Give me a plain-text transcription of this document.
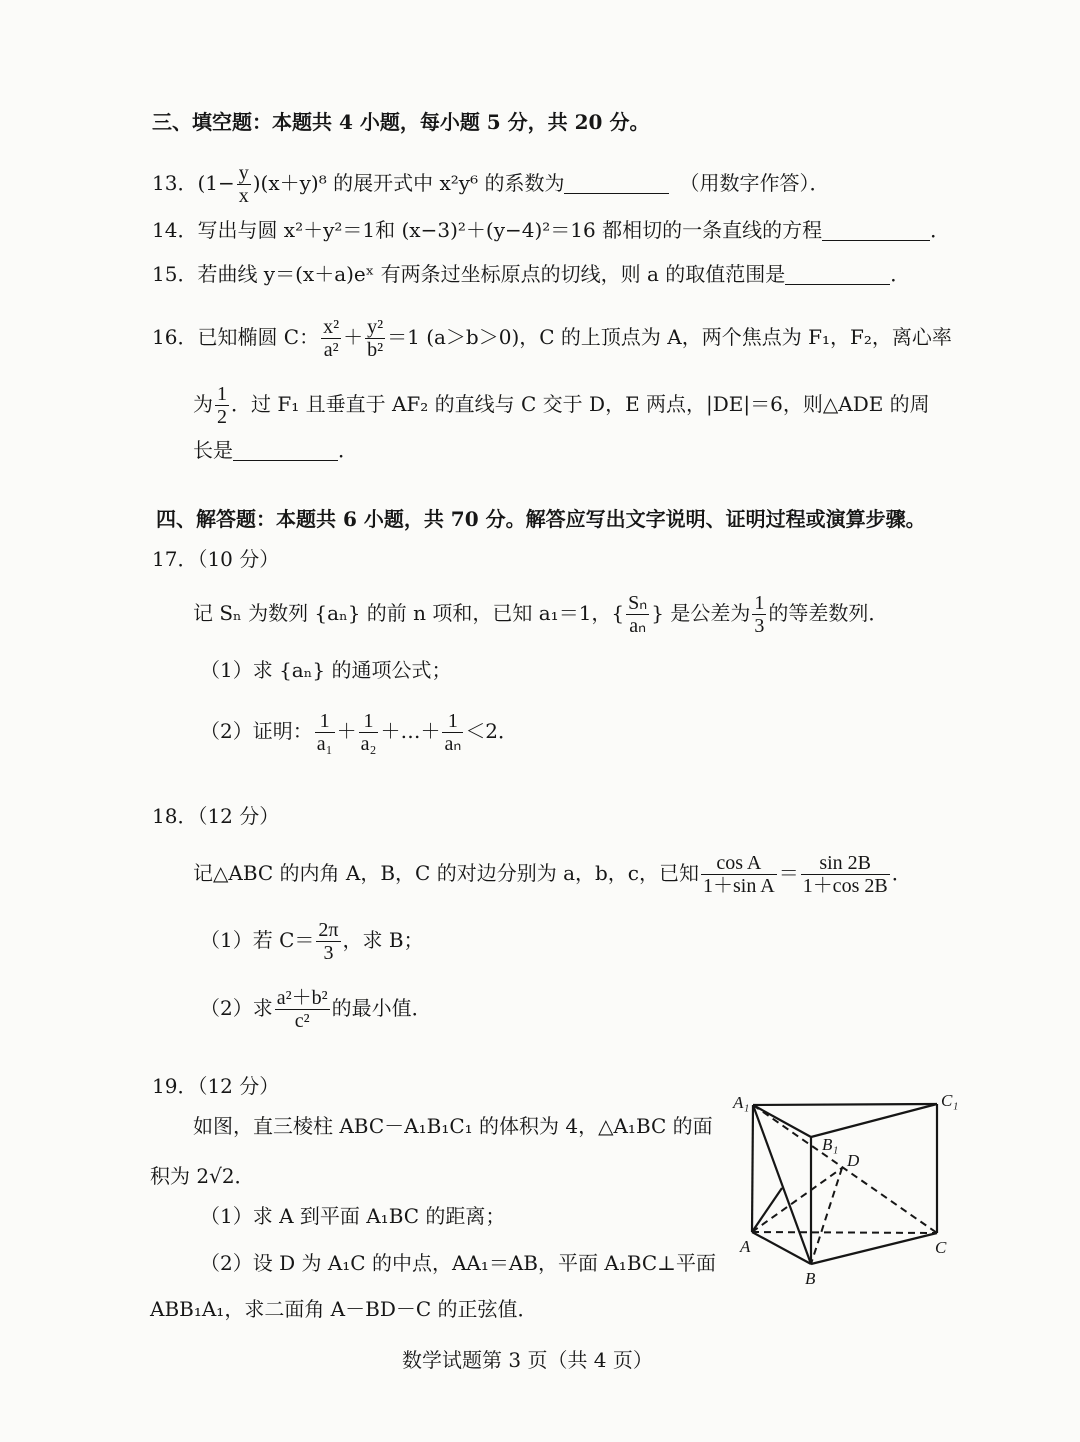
三、填空题：本题共 4 小题，每小题 5 分，共 20 分。
13．$(1- \frac{y}{x} )(x+y)^8$ 的展开式中 x²y⁶ 的系数为	（用数字作答）．
14．写出与圆 x²＋y²＝1和 (x−3)²＋(y−4)²＝16 都相切的一条直线的方程	．
15．若曲线 y＝(x＋a)eˣ 有两条过坐标原点的切线，则 a 的取值范围是	．
16．已知椭圆 C： $\frac{\text{x²}}{\text{a²}} + \frac{\text{y²}}{\text{b²}} =1$ (a＞b＞0)，C 的上顶点为 A，两个焦点为 F₁，F₂，离心率
为 $\frac{1}{2}$ ．过 F₁ 且垂直于 AF₂ 的直线与 C 交于 D，E 两点，|DE|＝6，则△ADE 的周
长是	．
四、解答题：本题共 6 小题，共 70 分。解答应写出文字说明、证明过程或演算步骤。
17．（10 分）
记 Sₙ 为数列 {aₙ} 的前 n 项和，已知 a₁＝1，{ $\frac{\text{Sₙ}}{\text{aₙ}}$ } 是公差为 $\frac{1}{3}$ 的等差数列．
（1）求 {aₙ} 的通项公式；
（2）证明： $\frac{1}{\text{a₁}} + \frac{1}{\text{a₂}}$ ＋…＋ $\frac{1}{\text{aₙ}} <2$．
18．（12 分）
记△ABC 的内角 A，B，C 的对边分别为 a，b，c，已知 $\frac{\text{cos A}}{\text{1＋sin A}} = \frac{\sin 2B}{1+\cos 2B}$ ．
（1）若 $C= \frac{2\pi}{3}$ ，求 B；
（2）求 $\frac{\text{a²＋b²}}{\text{c²}}$ 的最小值．
19．（12 分）
如图，直三棱柱 ABC－A₁B₁C₁ 的体积为 4，△A₁BC 的面
积为 2√2．
（1）求 A 到平面 A₁BC 的距离；
（2）设 D 为 A₁C 的中点，AA₁＝AB，平面 A₁BC⊥平面
ABB₁A₁，求二面角 A－BD－C 的正弦值．
A₁	C₁
B₁
D
A
B
C
数学试题第 3 页（共 4 页）
